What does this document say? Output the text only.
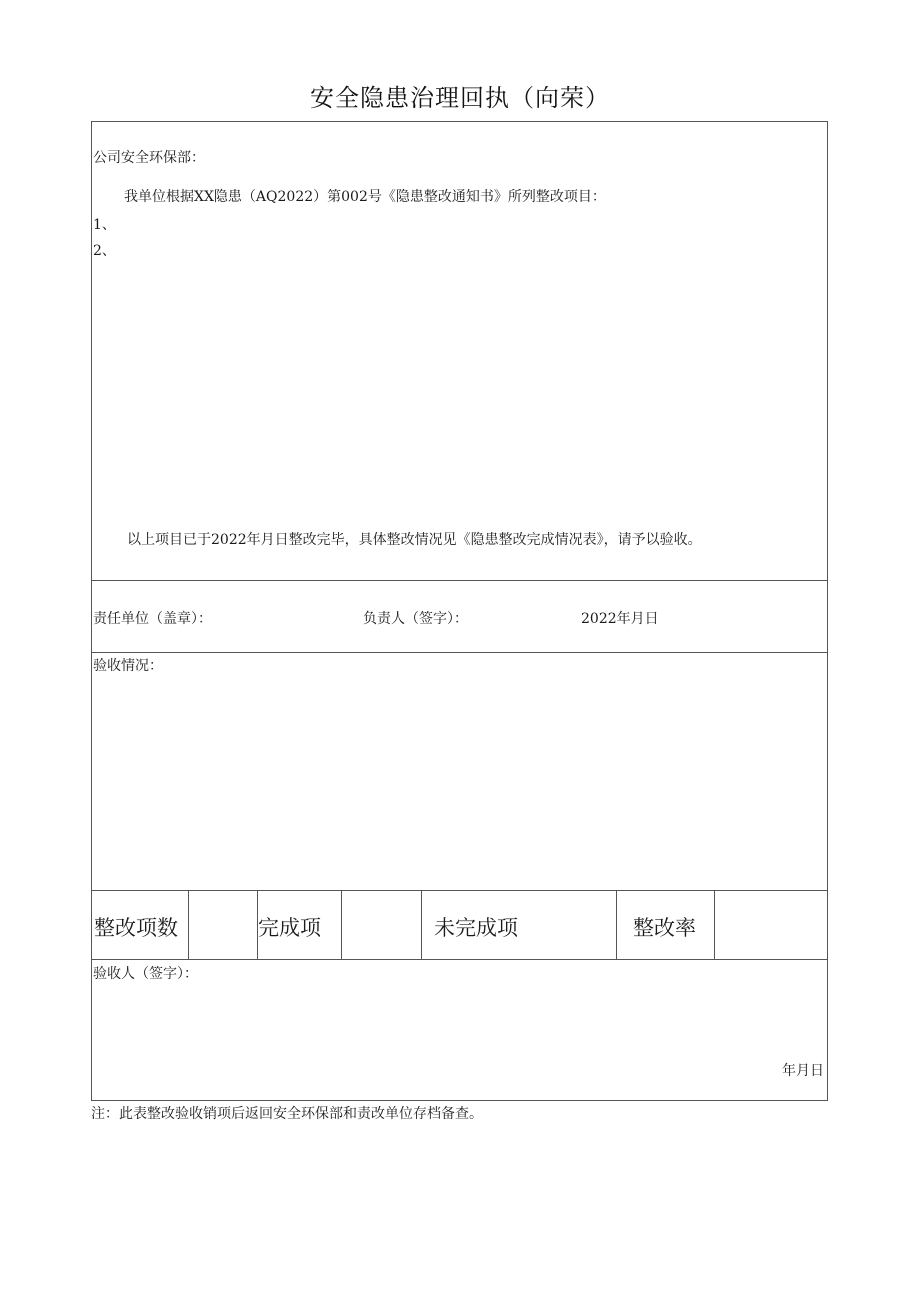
安全隐患治理回执（向荣）
公司安全环保部：
我单位根据XX隐患（AQ2022）第002号《隐患整改通知书》所列整改项目：
1、
2、
以上项目已于2022年月日整改完毕，具体整改情况见《隐患整改完成情况表》，请予以验收。
责任单位（盖章）：	负责人（签字）：	2022年月日
验收情况：
整改项数	完成项	未完成项	整改率
验收人（签字）：
年月日
注：此表整改验收销项后返回安全环保部和责改单位存档备查。
